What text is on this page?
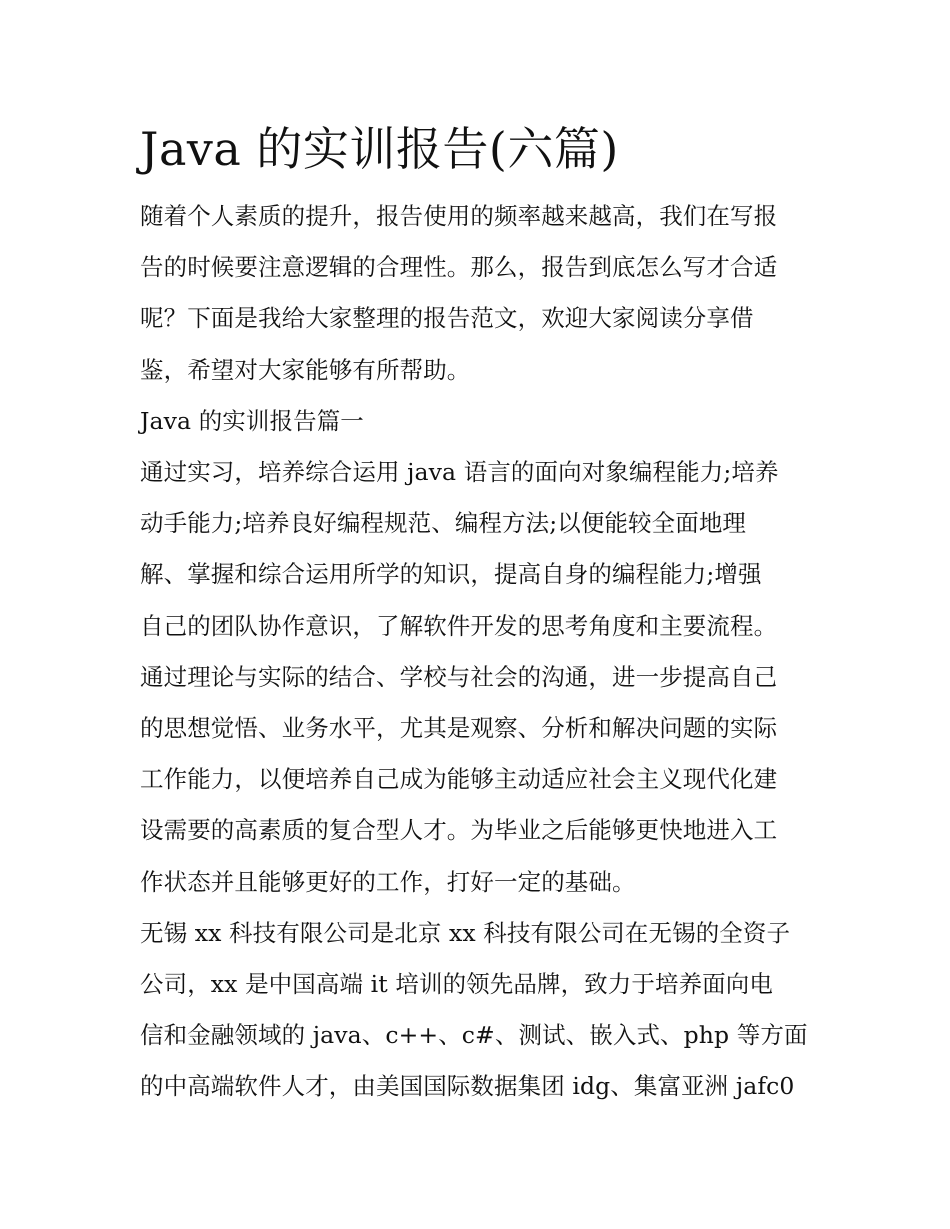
Java 的实训报告(六篇)
随着个人素质的提升，报告使用的频率越来越高，我们在写报
告的时候要注意逻辑的合理性。那么，报告到底怎么写才合适
呢？下面是我给大家整理的报告范文，欢迎大家阅读分享借
鉴，希望对大家能够有所帮助。
Java 的实训报告篇一
通过实习，培养综合运用 java 语言的面向对象编程能力;培养
动手能力;培养良好编程规范、编程方法;以便能较全面地理
解、掌握和综合运用所学的知识，提高自身的编程能力;增强
自己的团队协作意识，了解软件开发的思考角度和主要流程。
通过理论与实际的结合、学校与社会的沟通，进一步提高自己
的思想觉悟、业务水平，尤其是观察、分析和解决问题的实际
工作能力，以便培养自己成为能够主动适应社会主义现代化建
设需要的高素质的复合型人才。为毕业之后能够更快地进入工
作状态并且能够更好的工作，打好一定的基础。
无锡 xx 科技有限公司是北京 xx 科技有限公司在无锡的全资子
公司，xx 是中国高端 it 培训的领先品牌，致力于培养面向电
信和金融领域的 java、c++、c#、测试、嵌入式、php 等方面
的中高端软件人才，由美国国际数据集团 idg、集富亚洲 jafc0
